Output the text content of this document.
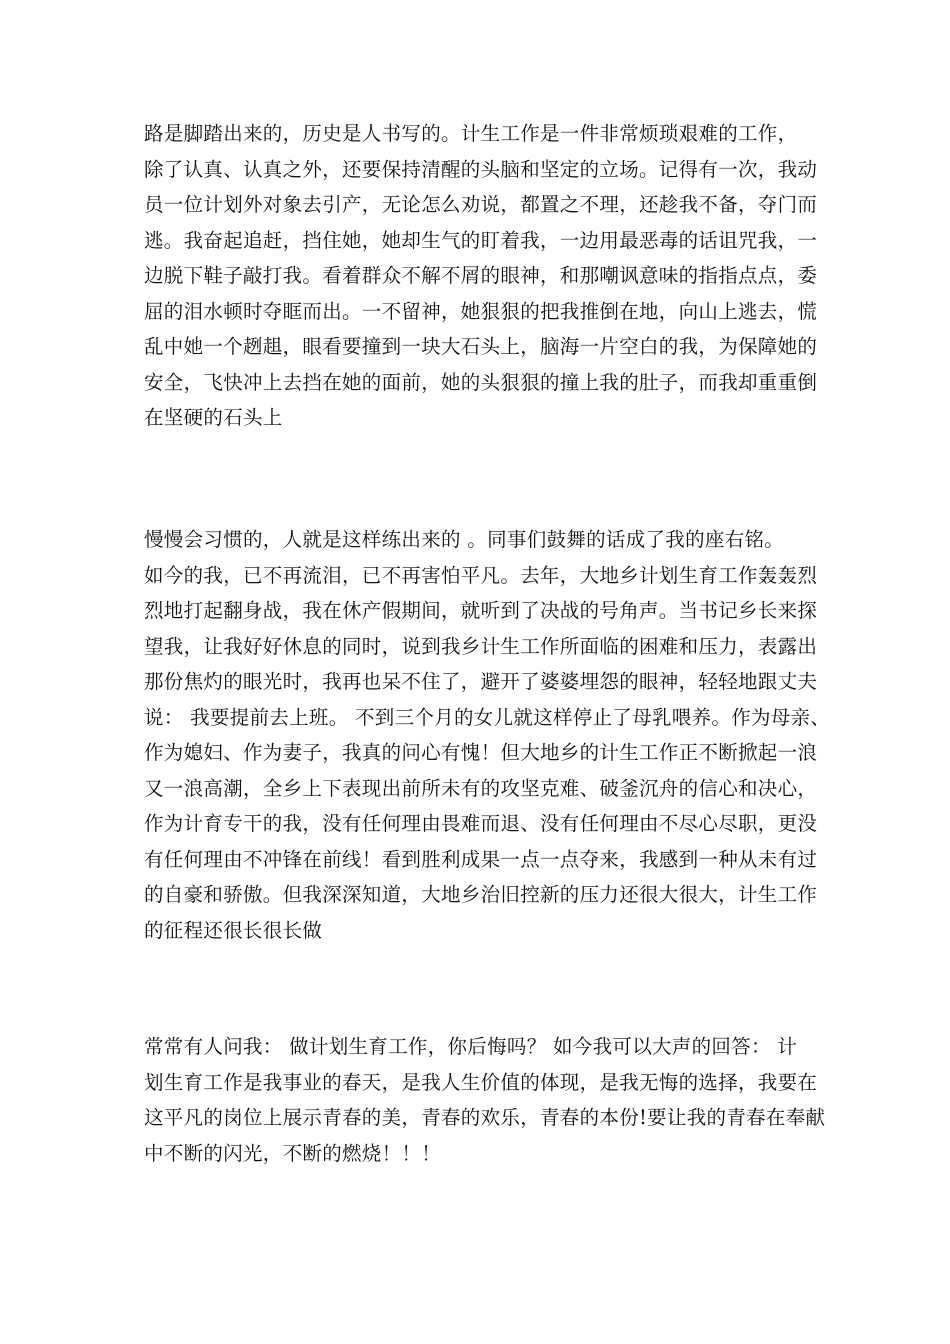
路是脚踏出来的，历史是人书写的。计生工作是一件非常烦琐艰难的工作，
除了认真、认真之外，还要保持清醒的头脑和坚定的立场。记得有一次，我动
员一位计划外对象去引产，无论怎么劝说，都置之不理，还趁我不备，夺门而
逃。我奋起追赶，挡住她，她却生气的盯着我，一边用最恶毒的话诅咒我，一
边脱下鞋子敲打我。看着群众不解不屑的眼神，和那嘲讽意味的指指点点，委
屈的泪水顿时夺眶而出。一不留神，她狠狠的把我推倒在地，向山上逃去，慌
乱中她一个趔趄，眼看要撞到一块大石头上，脑海一片空白的我，为保障她的
安全，飞快冲上去挡在她的面前，她的头狠狠的撞上我的肚子，而我却重重倒
在坚硬的石头上

慢慢会习惯的，人就是这样练出来的 。同事们鼓舞的话成了我的座右铭。
如今的我，已不再流泪，已不再害怕平凡。去年，大地乡计划生育工作轰轰烈
烈地打起翻身战，我在休产假期间，就听到了决战的号角声。当书记乡长来探
望我，让我好好休息的同时，说到我乡计生工作所面临的困难和压力，表露出
那份焦灼的眼光时，我再也呆不住了，避开了婆婆埋怨的眼神，轻轻地跟丈夫
说： 我要提前去上班。 不到三个月的女儿就这样停止了母乳喂养。作为母亲、
作为媳妇、作为妻子，我真的问心有愧！但大地乡的计生工作正不断掀起一浪
又一浪高潮，全乡上下表现出前所未有的攻坚克难、破釜沉舟的信心和决心，
作为计育专干的我，没有任何理由畏难而退、没有任何理由不尽心尽职，更没
有任何理由不冲锋在前线！看到胜利成果一点一点夺来，我感到一种从未有过
的自豪和骄傲。但我深深知道，大地乡治旧控新的压力还很大很大，计生工作
的征程还很长很长做

常常有人问我： 做计划生育工作，你后悔吗？ 如今我可以大声的回答： 计
划生育工作是我事业的春天，是我人生价值的体现，是我无悔的选择，我要在
这平凡的岗位上展示青春的美，青春的欢乐，青春的本份!要让我的青春在奉献
中不断的闪光，不断的燃烧！！！
